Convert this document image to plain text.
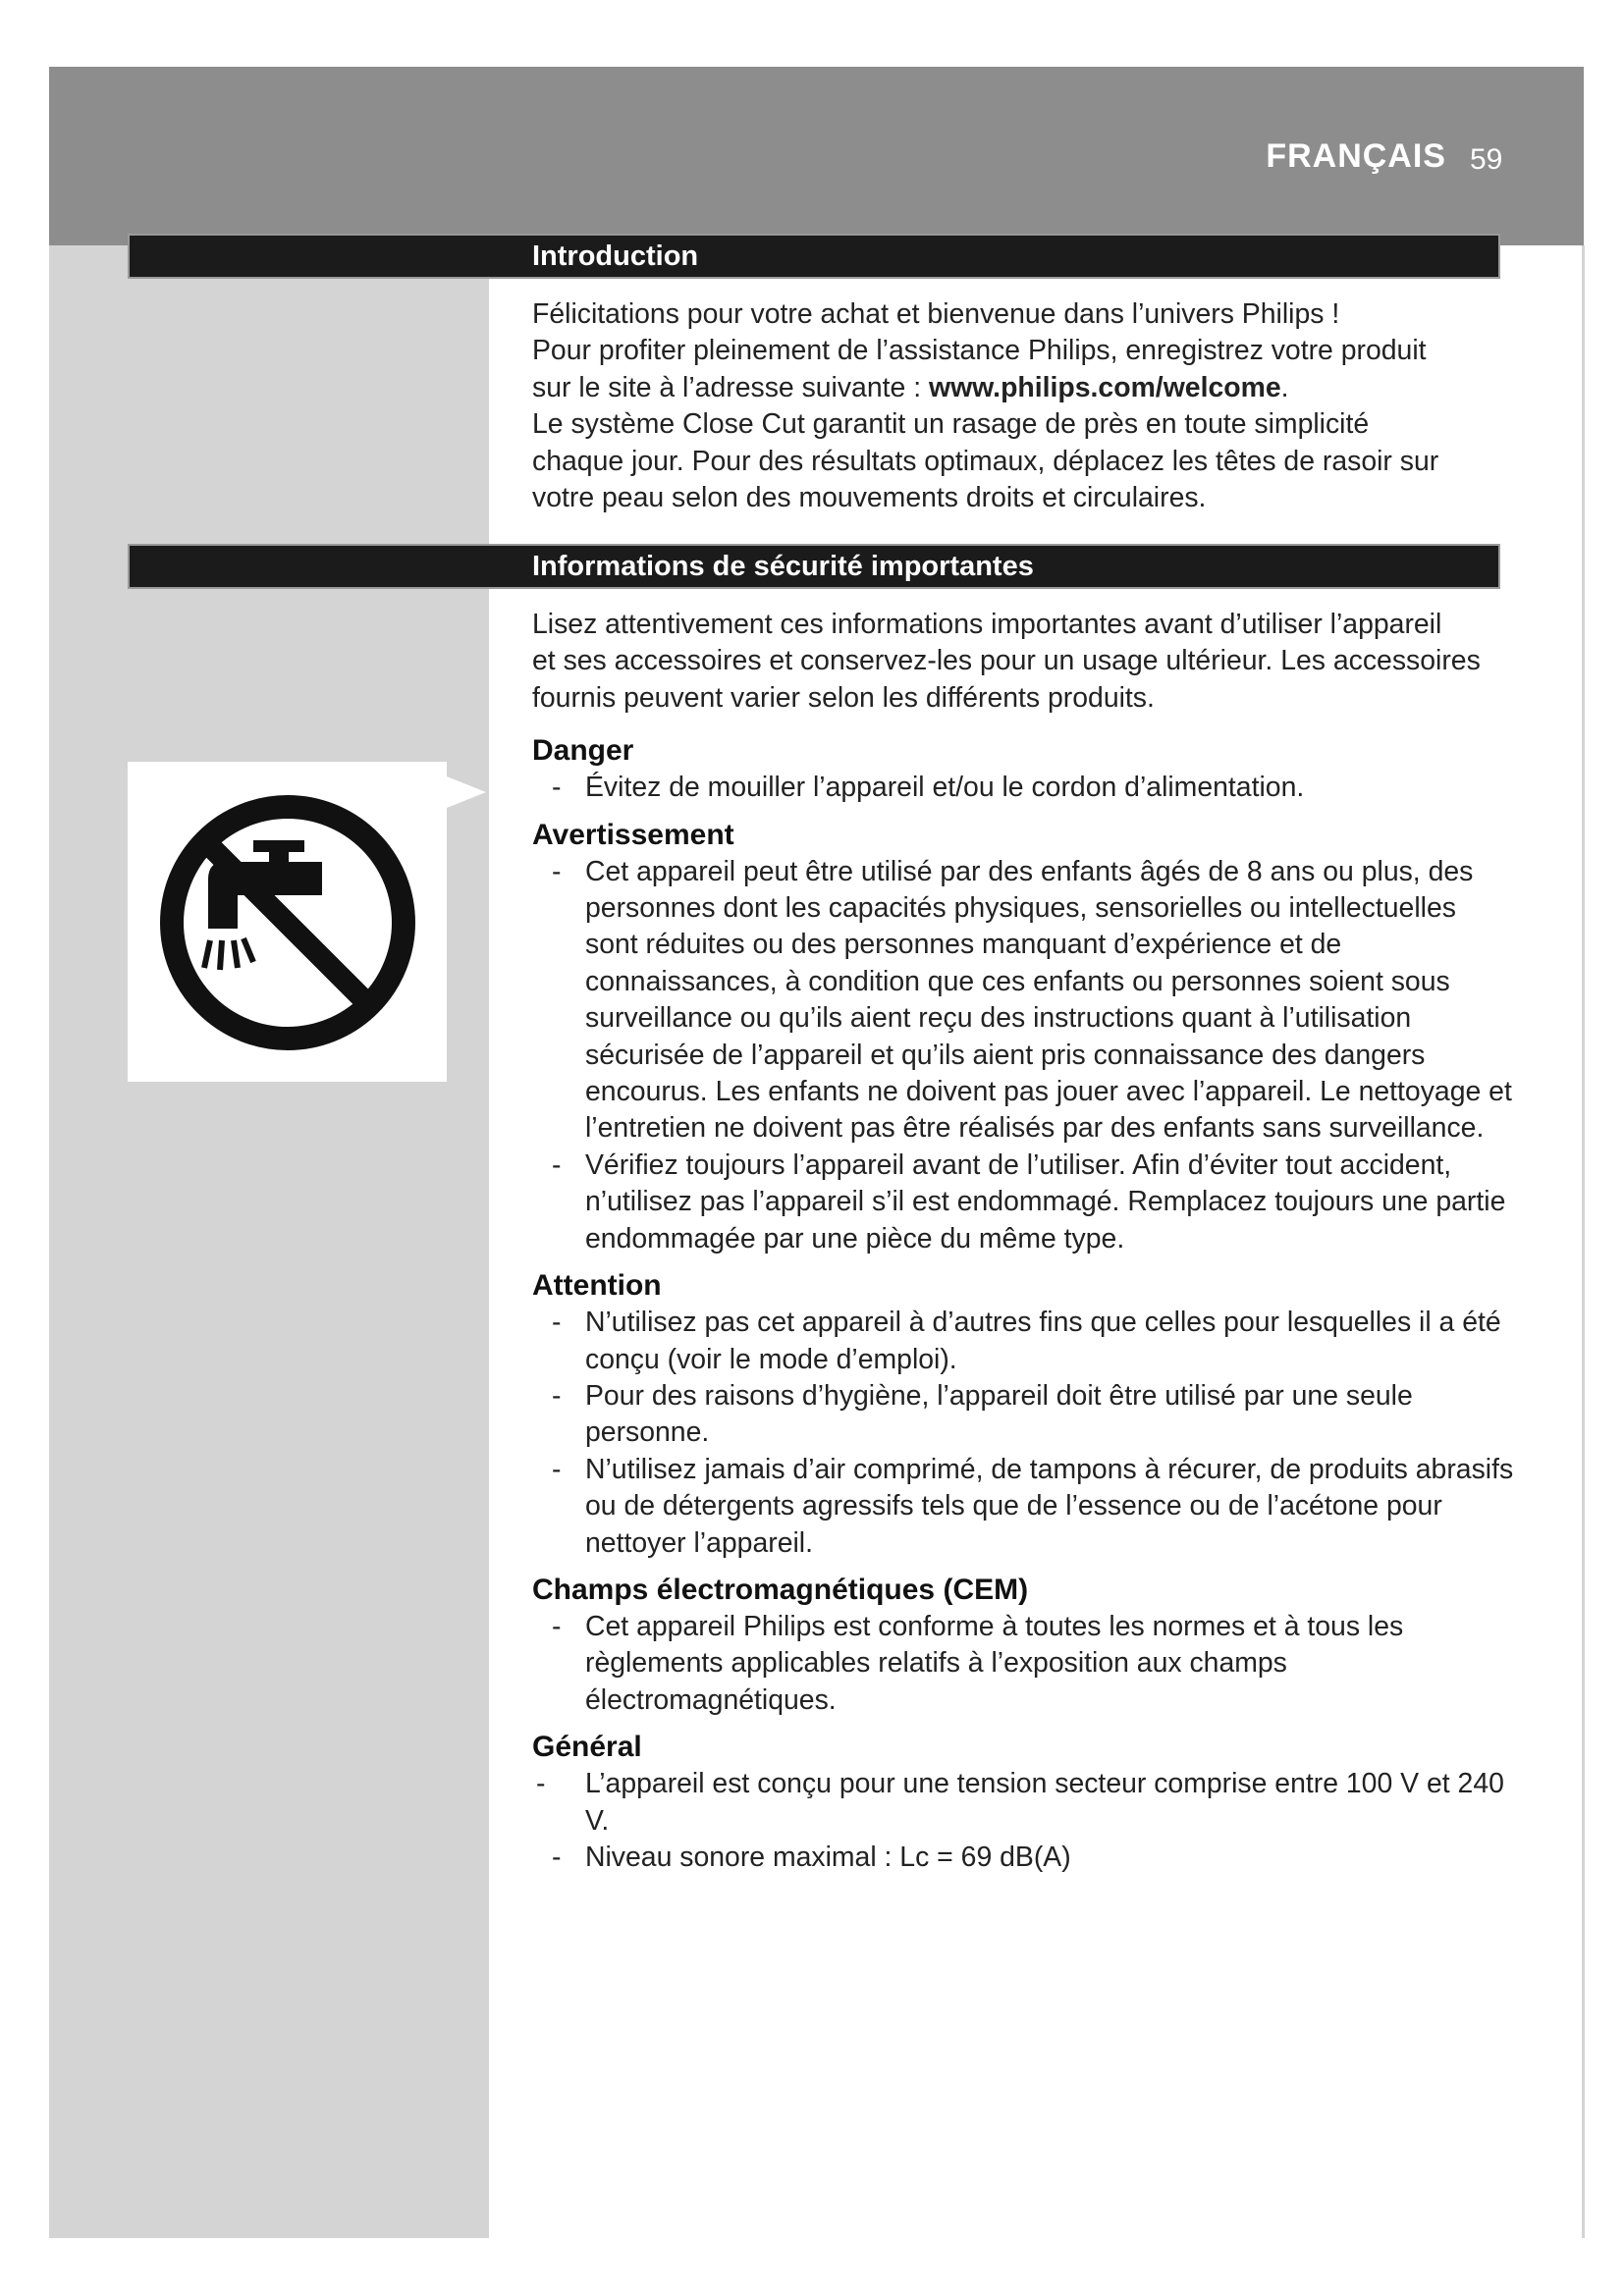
FRANÇAIS 59
Introduction

Félicitations pour votre achat et bienvenue dans l’univers Philips !

Pour profiter pleinement de l’assistance Philips, enregistrez votre produit

sur le site à l’adresse suivante : www.philips.com/welcome.

Le système Close Cut garantit un rasage de près en toute simplicité

chaque jour. Pour des résultats optimaux, déplacez les têtes de rasoir sur

votre peau selon des mouvements droits et circulaires.

Informations de sécurité importantes

Lisez attentivement ces informations importantes avant d’utiliser l’appareil

et ses accessoires et conservez-les pour un usage ultérieur. Les accessoires

fournis peuvent varier selon les différents produits.

Danger
- Évitez de mouiller l’appareil et/ou le cordon d’alimentation.
Avertissement
- Cet appareil peut être utilisé par des enfants âgés de 8 ans ou plus, des personnes dont les capacités physiques, sensorielles ou intellectuelles sont réduites ou des personnes manquant d’expérience et de connaissances, à condition que ces enfants ou personnes soient sous surveillance ou qu’ils aient reçu des instructions quant à l’utilisation sécurisée de l’appareil et qu’ils aient pris connaissance des dangers encourus. Les enfants ne doivent pas jouer avec l’appareil. Le nettoyage et l’entretien ne doivent pas être réalisés par des enfants sans surveillance.
- Vérifiez toujours l’appareil avant de l’utiliser. Afin d’éviter tout accident, n’utilisez pas l’appareil s’il est endommagé. Remplacez toujours une partie endommagée par une pièce du même type.
Attention
- N’utilisez pas cet appareil à d’autres fins que celles pour lesquelles il a été conçu (voir le mode d’emploi).
- Pour des raisons d’hygiène, l’appareil doit être utilisé par une seule personne.
- N’utilisez jamais d’air comprimé, de tampons à récurer, de produits abrasifs ou de détergents agressifs tels que de l’essence ou de l’acétone pour nettoyer l’appareil.
Champs électromagnétiques (CEM)
- Cet appareil Philips est conforme à toutes les normes et à tous les règlements applicables relatifs à l’exposition aux champs électromagnétiques.
Général
- L’appareil est conçu pour une tension secteur comprise entre 100 V et 240 V.
- Niveau sonore maximal : Lc = 69 dB(A)
